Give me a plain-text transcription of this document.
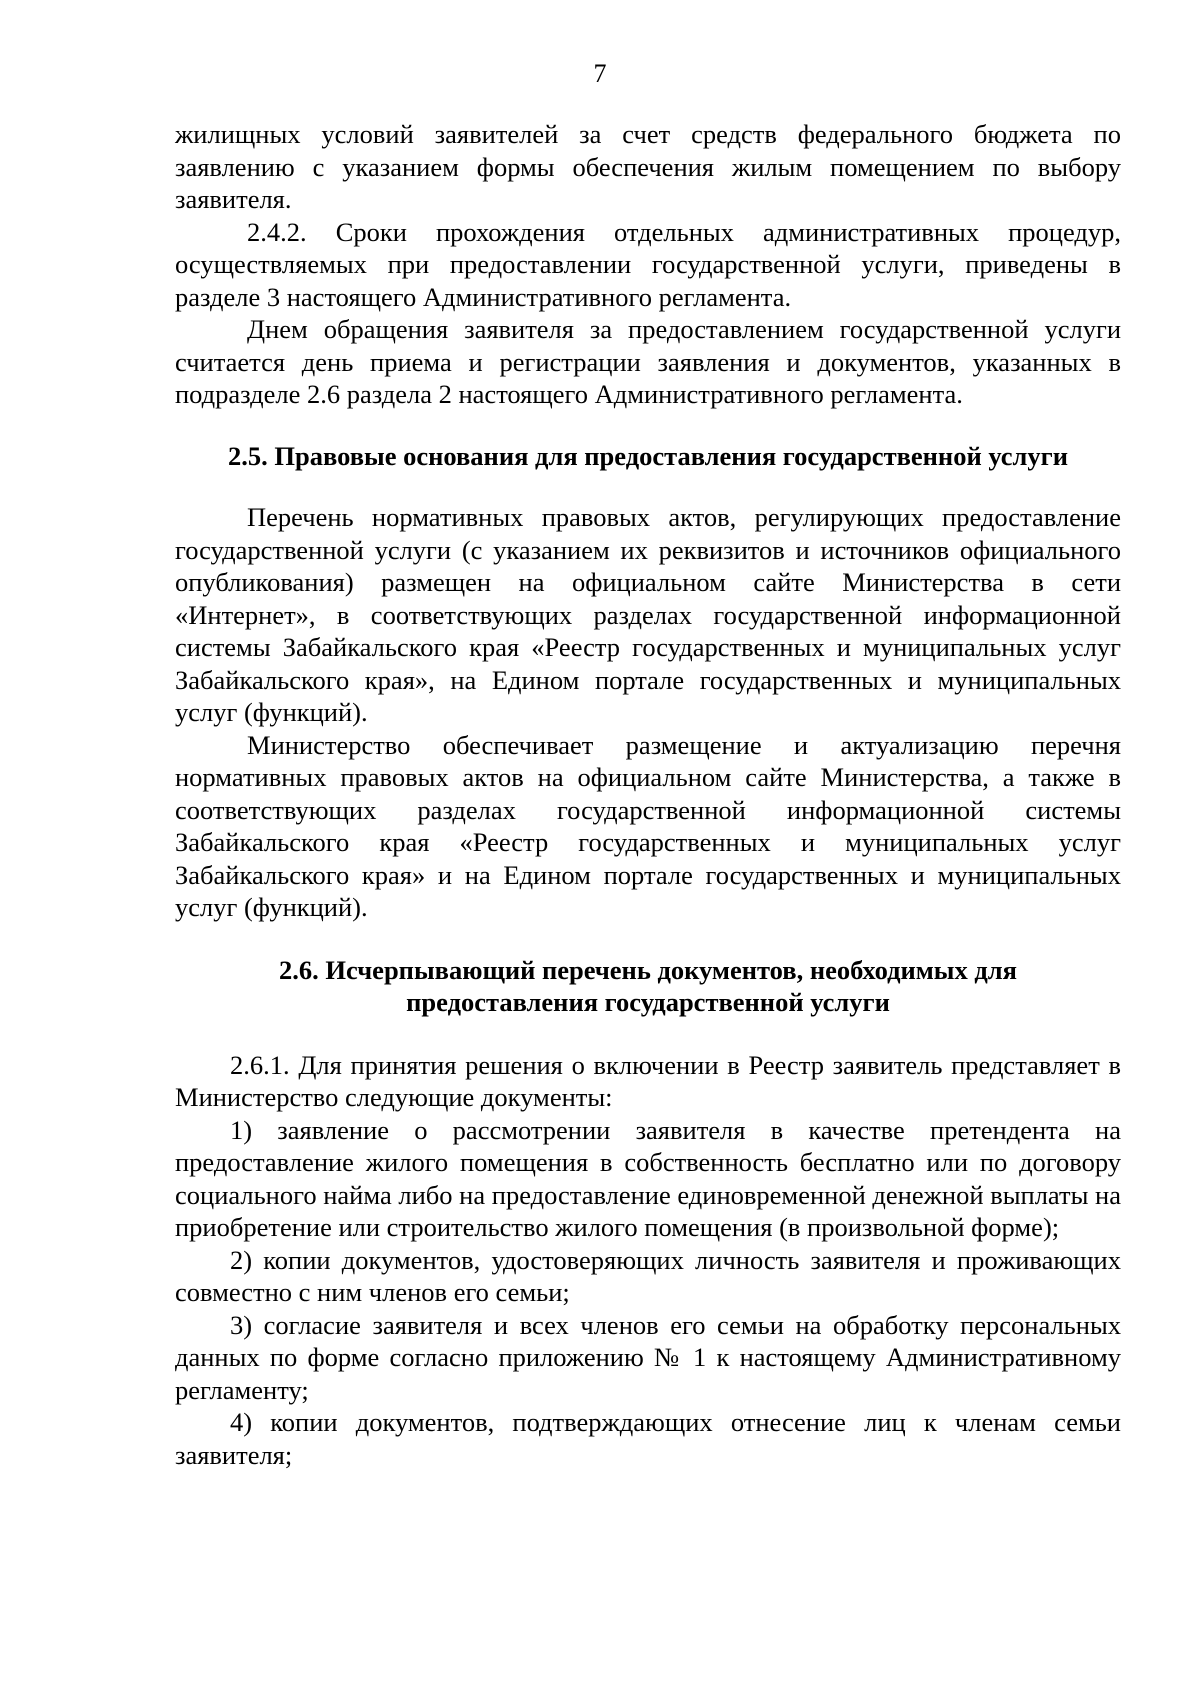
7

жилищных условий заявителей за счет средств федерального бюджета по заявлению с указанием формы обеспечения жилым помещением по выбору заявителя.

2.4.2. Сроки прохождения отдельных административных процедур, осуществляемых при предоставлении государственной услуги, приведены в разделе 3 настоящего Административного регламента.

Днем обращения заявителя за предоставлением государственной услуги считается день приема и регистрации заявления и документов, указанных в подразделе 2.6 раздела 2 настоящего Административного регламента.

2.5. Правовые основания для предоставления государственной услуги

Перечень нормативных правовых актов, регулирующих предоставление государственной услуги (с указанием их реквизитов и источников официального опубликования) размещен на официальном сайте Министерства в сети «Интернет», в соответствующих разделах государственной информационной системы Забайкальского края «Реестр государственных и муниципальных услуг Забайкальского края», на Едином портале государственных и муниципальных услуг (функций).

Министерство обеспечивает размещение и актуализацию перечня нормативных правовых актов на официальном сайте Министерства, а также в соответствующих разделах государственной информационной системы Забайкальского края «Реестр государственных и муниципальных услуг Забайкальского края» и на Едином портале государственных и муниципальных услуг (функций).

2.6. Исчерпывающий перечень документов, необходимых для

предоставления государственной услуги

2.6.1. Для принятия решения о включении в Реестр заявитель представляет в Министерство следующие документы:

1) заявление о рассмотрении заявителя в качестве претендента на предоставление жилого помещения в собственность бесплатно или по договору социального найма либо на предоставление единовременной денежной выплаты на приобретение или строительство жилого помещения (в произвольной форме);

2) копии документов, удостоверяющих личность заявителя и проживающих совместно с ним членов его семьи;

3) согласие заявителя и всех членов его семьи на обработку персональных данных по форме согласно приложению № 1 к настоящему Административному регламенту;

4) копии документов, подтверждающих отнесение лиц к членам семьи заявителя;
